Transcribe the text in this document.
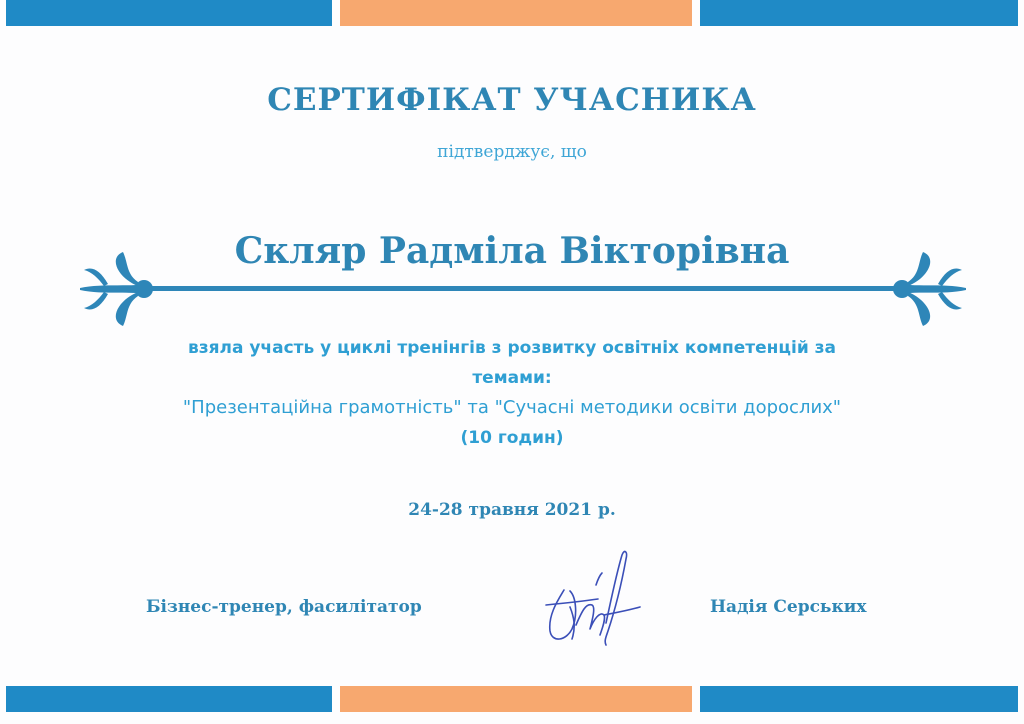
СЕРТИФІКАТ УЧАСНИКА
підтверджує, що
Скляр Радміла Вікторівна
взяла участь у циклі тренінгів з розвитку освітніх компетенцій за
темами:
"Презентаційна грамотність" та "Сучасні методики освіти дорослих"
(10 годин)
24-28 травня 2021 р.
Бізнес-тренер, фасилітатор	Надія Серських
